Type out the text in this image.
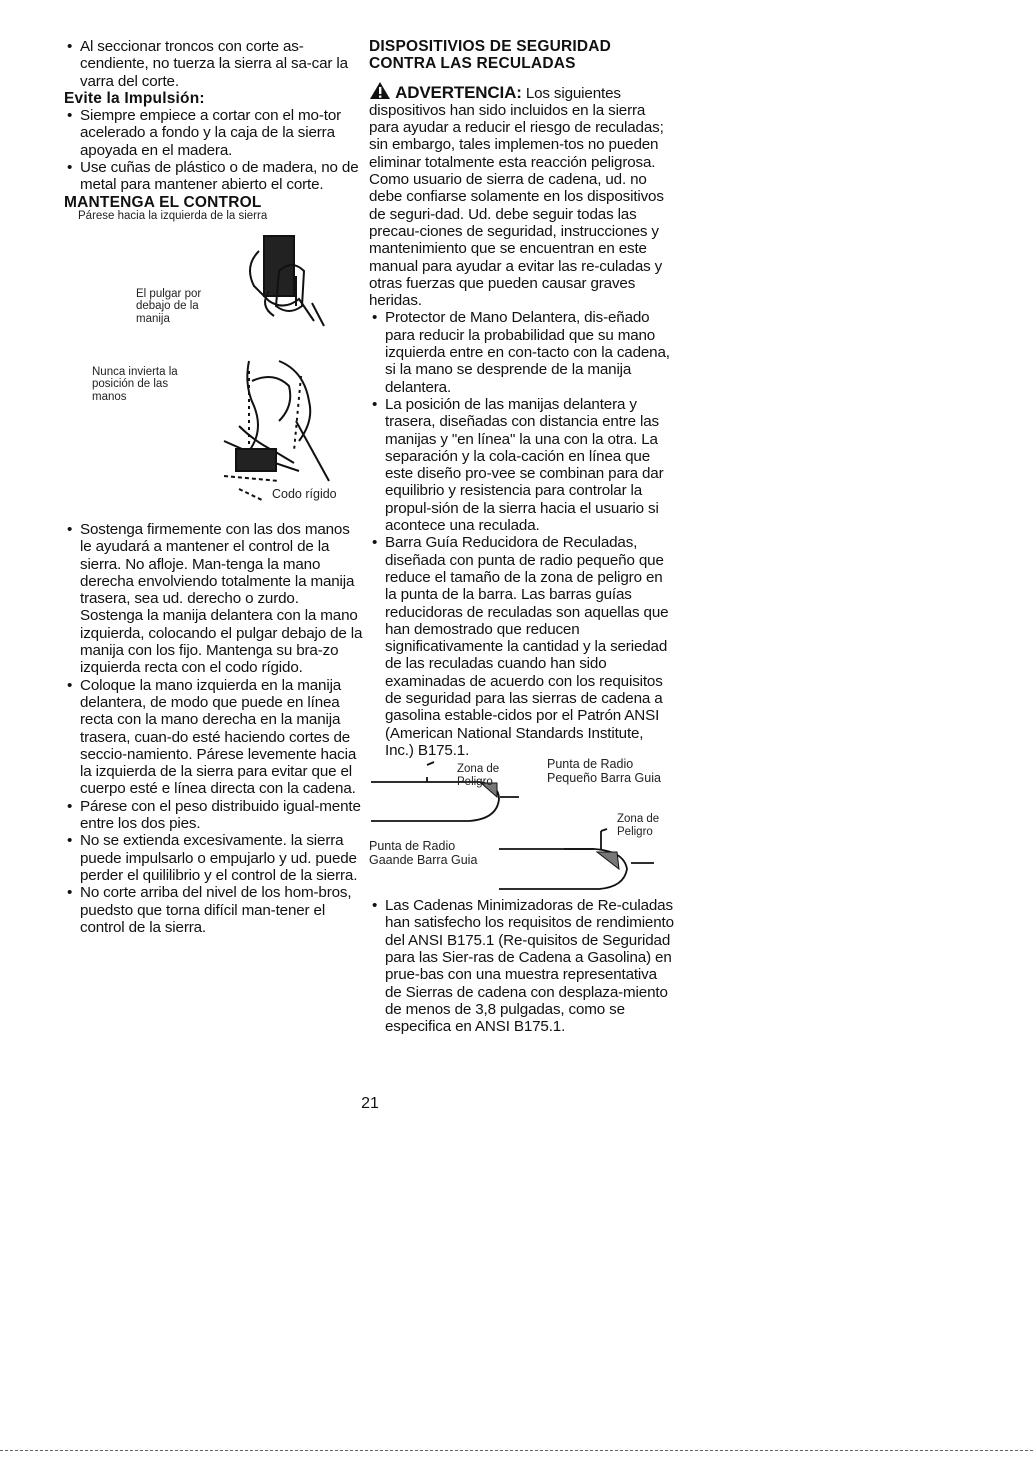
• Al seccionar troncos con corte as-cendiente, no tuerza la sierra al sa-car la varra del corte.

Evite la Impulsión:

• Siempre empiece a cortar con el mo-tor acelerado a fondo y la caja de la sierra apoyada en el madera.

• Use cuñas de plástico o de madera, no de metal para mantener abierto el corte.

MANTENGA EL CONTROL

Párese hacia la izquierda de la sierra
El pulgar por debajo de la manija
Nunca invierta la posición de las manos
Codo rígido

• Sostenga firmemente con las dos manos le ayudará a mantener el control de la sierra. No afloje. Man-tenga la mano derecha envolviendo totalmente la manija trasera, sea ud. derecho o zurdo. Sostenga la manija delantera con la mano izquierda, colocando el pulgar debajo de la manija con los fijo. Mantenga su bra-zo izquierda recta con el codo rígido.

• Coloque la mano izquierda en la manija delantera, de modo que puede en línea recta con la mano derecha en la manija trasera, cuan-do esté haciendo cortes de seccio-namiento. Párese levemente hacia la izquierda de la sierra para evitar que el cuerpo esté e línea directa con la cadena.

• Párese con el peso distribuido igual-mente entre los dos pies.

• No se extienda excesivamente. la sierra puede impulsarlo o empujarlo y ud. puede perder el quililibrio y el control de la sierra.

• No corte arriba del nivel de los hom-bros, puedsto que torna difícil man-tener el control de la sierra.

DISPOSITIVIOS DE SEGURIDAD CONTRA LAS RECULADAS

ADVERTENCIA: Los siguientes dispositivos han sido incluidos en la sierra para ayudar a reducir el riesgo de reculadas; sin embargo, tales implemen-tos no pueden eliminar totalmente esta reacción peligrosa. Como usuario de sierra de cadena, ud. no debe confiarse solamente en los dispositivos de seguri-dad. Ud. debe seguir todas las precau-ciones de seguridad, instrucciones y mantenimiento que se encuentran en este manual para ayudar a evitar las re-culadas y otras fuerzas que pueden causar graves heridas.

• Protector de Mano Delantera, dis-eñado para reducir la probabilidad que su mano izquierda entre en con-tacto con la cadena, si la mano se desprende de la manija delantera.

• La posición de las manijas delantera y trasera, diseñadas con distancia entre las manijas y "en línea" la una con la otra. La separación y la cola-cación en línea que este diseño pro-vee se combinan para dar equilibrio y resistencia para controlar la propul-sión de la sierra hacia el usuario si acontece una reculada.

• Barra Guía Reducidora de Reculadas, diseñada con punta de radio pequeño que reduce el tamaño de la zona de peligro en la punta de la barra. Las barras guías reducidoras de reculadas son aquellas que han demostrado que reducen significativamente la cantidad y la seriedad de las reculadas cuando han sido examinadas de acuerdo con los requisitos de seguridad para las sierras de cadena a gasolina estable-cidos por el Patrón ANSI (American National Standards Institute, Inc.) B175.1.

Zona de Peligro
Punta de Radio Pequeño Barra Guia
Zona de Peligro
Punta de Radio Gaande Barra Guia

• Las Cadenas Minimizadoras de Re-culadas han satisfecho los requisitos de rendimiento del ANSI B175.1 (Re-quisitos de Seguridad para las Sier-ras de Cadena a Gasolina) en prue-bas con una muestra representativa de Sierras de cadena con desplaza-miento de menos de 3,8 pulgadas, como se especifica en ANSI B175.1.

21
